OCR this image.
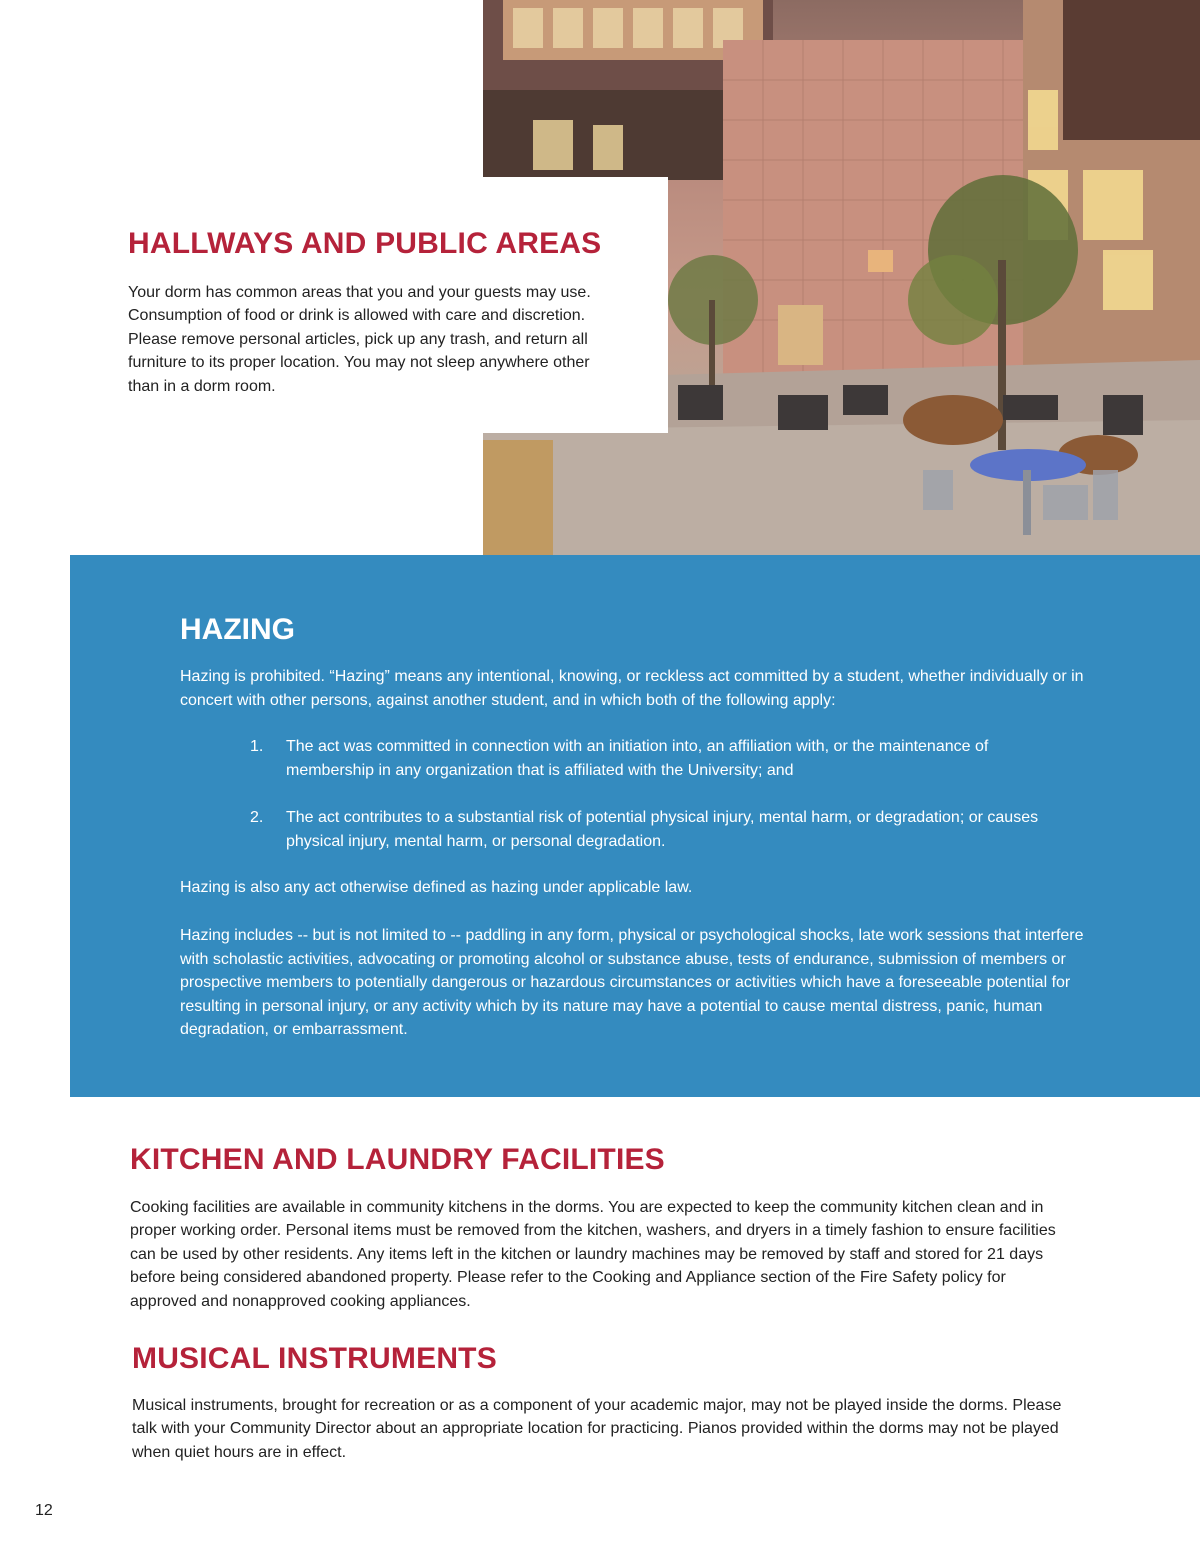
HALLWAYS AND PUBLIC AREAS

Your dorm has common areas that you and your guests may use. Consumption of food or drink is allowed with care and discretion. Please remove personal articles, pick up any trash, and return all furniture to its proper location. You may not sleep anywhere other than in a dorm room.

HAZING

Hazing is prohibited. “Hazing” means any intentional, knowing, or reckless act committed by a student, whether individually or in concert with other persons, against another student, and in which both of the following apply:

1.	The act was committed in connection with an initiation into, an affiliation with, or the maintenance of membership in any organization that is affiliated with the University; and
2.	The act contributes to a substantial risk of potential physical injury, mental harm, or degradation; or causes physical injury, mental harm, or personal degradation.

Hazing is also any act otherwise defined as hazing under applicable law.

Hazing includes -- but is not limited to -- paddling in any form, physical or psychological shocks, late work sessions that interfere with scholastic activities, advocating or promoting alcohol or substance abuse, tests of endurance, submission of members or prospective members to potentially dangerous or hazardous circumstances or activities which have a foreseeable potential for resulting in personal injury, or any activity which by its nature may have a potential to cause mental distress, panic, human degradation, or embarrassment.

KITCHEN AND LAUNDRY FACILITIES

Cooking facilities are available in community kitchens in the dorms. You are expected to keep the community kitchen clean and in proper working order. Personal items must be removed from the kitchen, washers, and dryers in a timely fashion to ensure facilities can be used by other residents. Any items left in the kitchen or laundry machines may be removed by staff and stored for 21 days before being considered abandoned property. Please refer to the Cooking and Appliance section of the Fire Safety policy for approved and nonapproved cooking appliances.

MUSICAL INSTRUMENTS

Musical instruments, brought for recreation or as a component of your academic major, may not be played inside the dorms. Please talk with your Community Director about an appropriate location for practicing. Pianos provided within the dorms may not be played when quiet hours are in effect.

12
